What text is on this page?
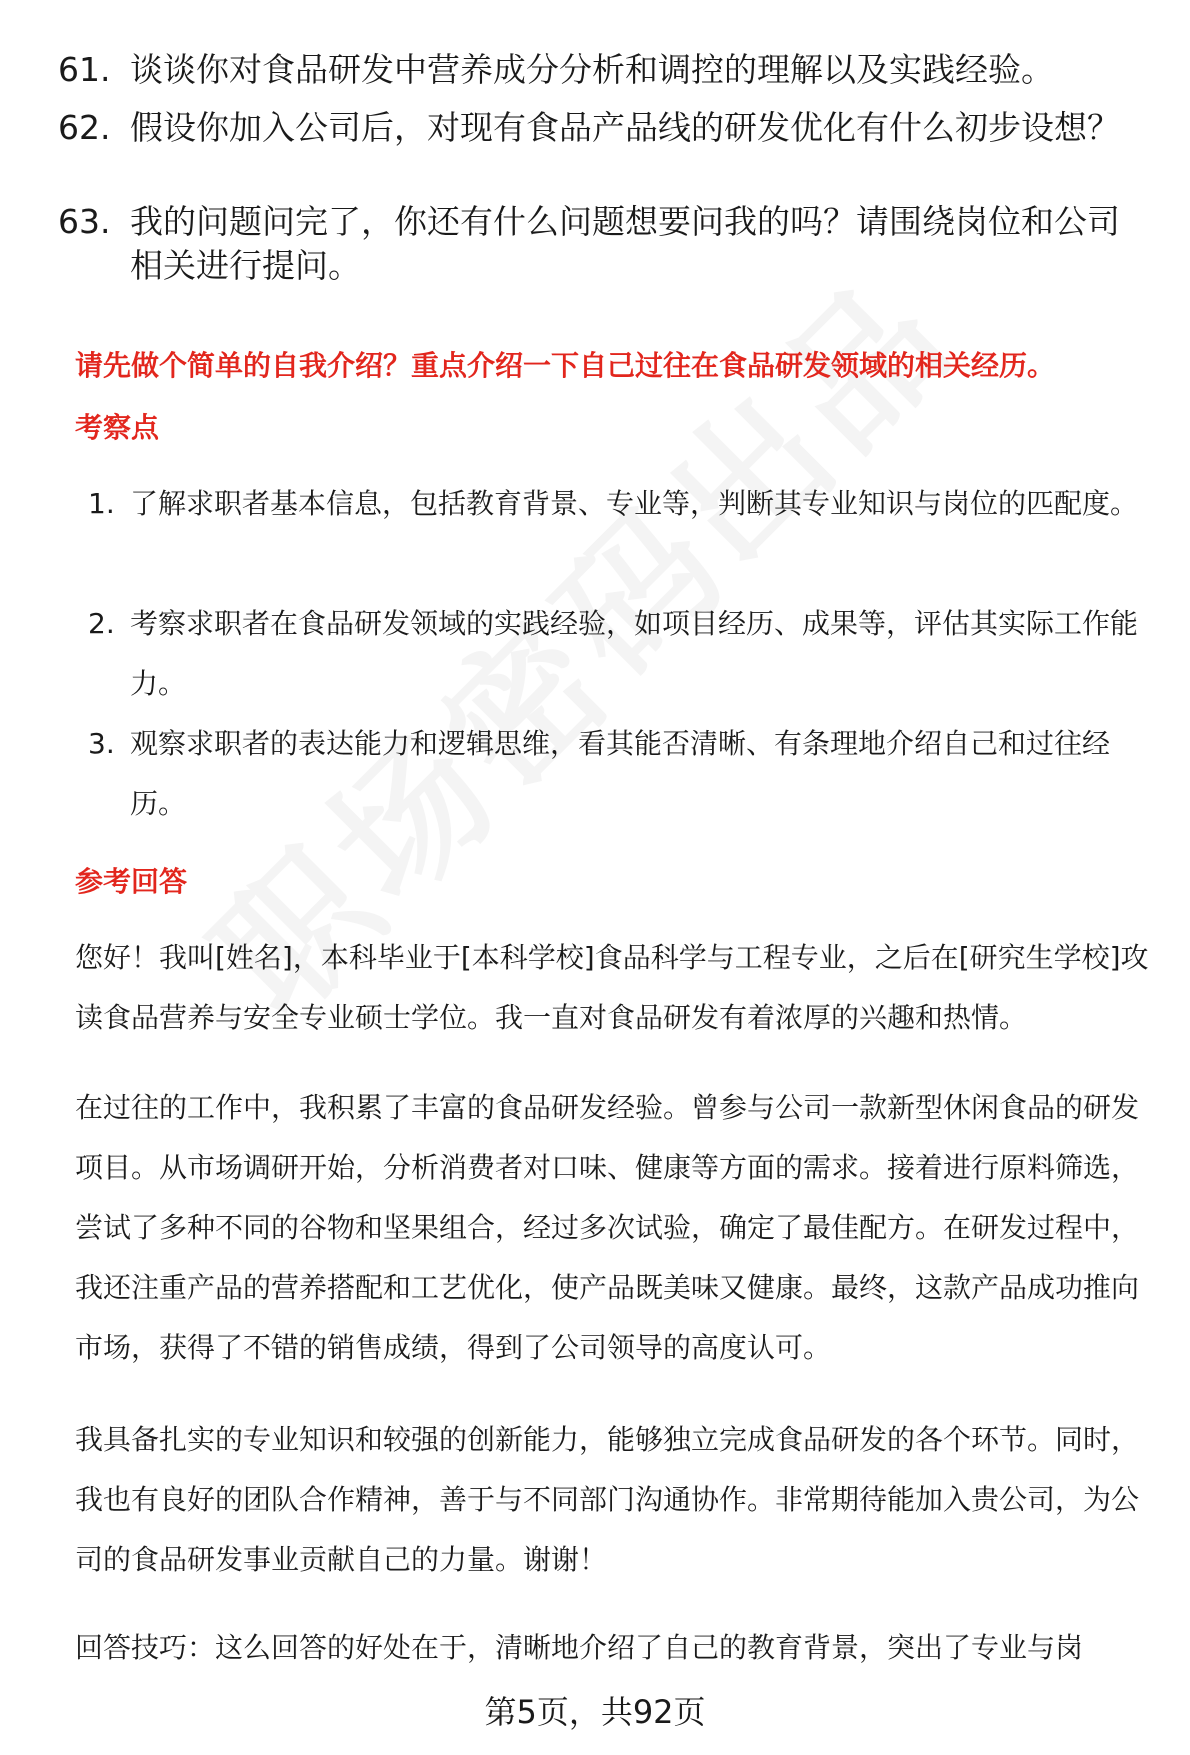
61. 谈谈你对食品研发中营养成分分析和调控的理解以及实践经验。
62. 假设你加入公司后，对现有食品产品线的研发优化有什么初步设想？
63. 我的问题问完了，你还有什么问题想要问我的吗？请围绕岗位和公司相关进行提问。
请先做个简单的自我介绍？重点介绍一下自己过往在食品研发领域的相关经历。
考察点
1. 了解求职者基本信息，包括教育背景、专业等，判断其专业知识与岗位的匹配度。
2. 考察求职者在食品研发领域的实践经验，如项目经历、成果等，评估其实际工作能力。
3. 观察求职者的表达能力和逻辑思维，看其能否清晰、有条理地介绍自己和过往经历。
参考回答
您好！我叫[姓名]，本科毕业于[本科学校]食品科学与工程专业，之后在[研究生学校]攻读食品营养与安全专业硕士学位。我一直对食品研发有着浓厚的兴趣和热情。
在过往的工作中，我积累了丰富的食品研发经验。曾参与公司一款新型休闲食品的研发项目。从市场调研开始，分析消费者对口味、健康等方面的需求。接着进行原料筛选，尝试了多种不同的谷物和坚果组合，经过多次试验，确定了最佳配方。在研发过程中，我还注重产品的营养搭配和工艺优化，使产品既美味又健康。最终，这款产品成功推向市场，获得了不错的销售成绩，得到了公司领导的高度认可。
我具备扎实的专业知识和较强的创新能力，能够独立完成食品研发的各个环节。同时，我也有良好的团队合作精神，善于与不同部门沟通协作。非常期待能加入贵公司，为公司的食品研发事业贡献自己的力量。谢谢！
回答技巧：这么回答的好处在于，清晰地介绍了自己的教育背景，突出了专业与岗
第5页，共92页
